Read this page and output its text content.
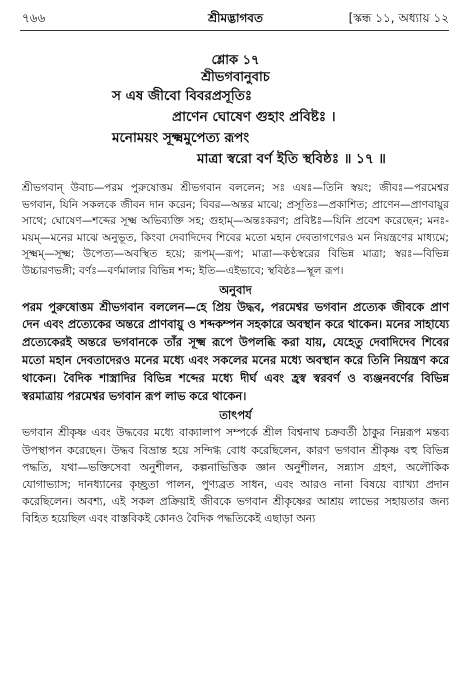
৭৬৬	শ্রীমদ্ভাগবত	[স্কন্ধ ১১, অধ্যায় ১২
শ্লোক ১৭
শ্রীভগবানুবাচ
স এষ জীবো বিবরপ্রসূতিঃ
প্রাণেন ঘোষেণ গুহাং প্রবিষ্টঃ ।
মনোময়ং সূক্ষ্মমুপেত্য রূপং
মাত্রা স্বরো বর্ণ ইতি স্থবিষ্ঠঃ ॥ ১৭ ॥
শ্রীভগবান্ উবাচ—পরম পুরুষোত্তম শ্রীভগবান বললেন; সঃ এষঃ—তিনি স্বয়ং; জীবঃ—পরমেশ্বর ভগবান, যিনি সকলকে জীবন দান করেন; বিবর—অন্তর মাঝে; প্রসূতিঃ—প্রকাশিত; প্রাণেন—প্রাণবায়ুর সাথে; ঘোষেণ—শব্দের সূক্ষ্ম অভিব্যক্তি সহ; গুহাম্—অন্তঃকরণ; প্রবিষ্টঃ—যিনি প্রবেশ করেছেন; মনঃ-ময়ম্—মনের মাঝে অনুভূত, কিংবা দেবাদিদেব শিবের মতো মহান দেবতাগণেরও মন নিয়ন্ত্রণের মাধ্যমে; সূক্ষ্মম্—সূক্ষ্ম; উপেত্য—অবস্থিত হয়ে; রূপম্—রূপ; মাত্রা—কণ্ঠস্বরের বিভিন্ন মাত্রা; স্বরঃ—বিভিন্ন উচ্চারণভঙ্গী; বর্ণঃ—বর্ণমালার বিভিন্ন শব্দ; ইতি—এইভাবে; স্থবিষ্ঠঃ—স্থূল রূপ।
অনুবাদ
পরম পুরুষোত্তম শ্রীভগবান বললেন—হে প্রিয় উদ্ধব, পরমেশ্বর ভগবান প্রত্যেক জীবকে প্রাণ দেন এবং প্রত্যেকের অন্তরে প্রাণবায়ু ও শব্দকম্পন সহকারে অবস্থান করে থাকেন। মনের সাহায্যে প্রত্যেকেরই অন্তরে ভগবানকে তাঁর সূক্ষ্ম রূপে উপলব্ধি করা যায়, যেহেতু দেবাদিদেব শিবের মতো মহান দেবতাদেরও মনের মধ্যে এবং সকলের মনের মধ্যে অবস্থান করে তিনি নিয়ন্ত্রণ করে থাকেন। বৈদিক শাস্ত্রাদির বিভিন্ন শব্দের মধ্যে দীর্ঘ এবং হ্রস্ব স্বরবর্ণ ও ব্যঞ্জনবর্ণের বিভিন্ন স্বরমাত্রায় পরমেশ্বর ভগবান রূপ লাভ করে থাকেন।
তাৎপর্য
ভগবান শ্রীকৃষ্ণ এবং উদ্ধবের মধ্যে বাক্যালাপ সম্পর্কে শ্রীল বিশ্বনাথ চক্রবর্তী ঠাকুর নিম্নরূপ মন্তব্য উপস্থাপন করেছেন। উদ্ধব বিভ্রান্ত হয়ে সন্দিগ্ধ বোধ করেছিলেন, কারণ ভগবান শ্রীকৃষ্ণ বহু বিভিন্ন পদ্ধতি, যথা—ভক্তিসেবা অনুশীলন, কল্পনাভিত্তিক জ্ঞান অনুশীলন, সন্ন্যাস গ্রহণ, অলৌকিক যোগাভ্যাস; দানধ্যানের কৃচ্ছ্রতা পালন, পুণ্যব্রত সাধন, এবং আরও নানা বিষয়ে ব্যাখ্যা প্রদান করেছিলেন। অবশ্য, এই সকল প্রক্রিয়াই জীবকে ভগবান শ্রীকৃষ্ণের আশ্রয় লাভের সহায়তার জন্য বিহিত হয়েছিল এবং বাস্তবিকই কোনও বৈদিক পদ্ধতিকেই এছাড়া অন্য
